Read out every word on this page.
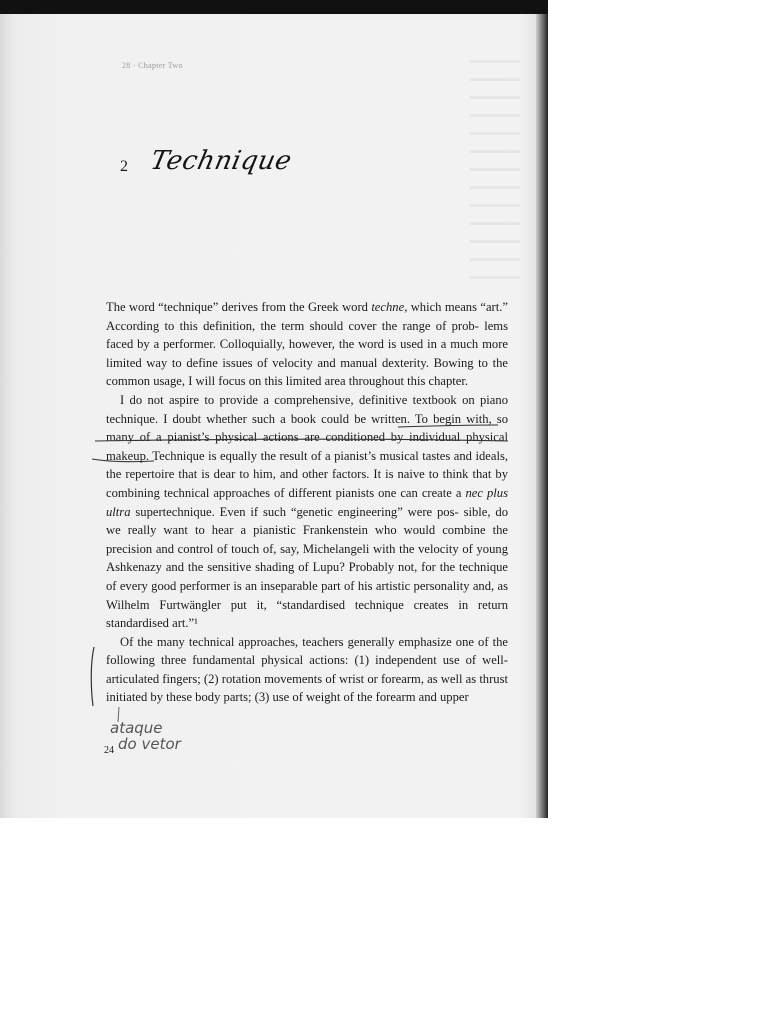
28 · Chapter Two
2 Technique

The word “technique” derives from the Greek word techne, which means “art.” According to this definition, the term should cover the range of prob- lems faced by a performer. Colloquially, however, the word is used in a much more limited way to define issues of velocity and manual dexterity. Bowing to the common usage, I will focus on this limited area throughout this chapter.

I do not aspire to provide a comprehensive, definitive textbook on piano technique. I doubt whether such a book could be written. To begin with, so many of a pianist’s physical actions are conditioned by individual physical makeup. Technique is equally the result of a pianist’s musical tastes and ideals, the repertoire that is dear to him, and other factors. It is naive to think that by combining technical approaches of different pianists one can create a nec plus ultra supertechnique. Even if such “genetic engineering” were pos- sible, do we really want to hear a pianistic Frankenstein who would combine the precision and control of touch of, say, Michelangeli with the velocity of young Ashkenazy and the sensitive shading of Lupu? Probably not, for the technique of every good performer is an inseparable part of his artistic personality and, as Wilhelm Furtwängler put it, “standardised technique creates in return standardised art.”¹

Of the many technical approaches, teachers generally emphasize one of the following three fundamental physical actions: (1) independent use of well- articulated fingers; (2) rotation movements of wrist or forearm, as well as thrust initiated by these body parts; (3) use of weight of the forearm and upper

24
ataque
do vetor
